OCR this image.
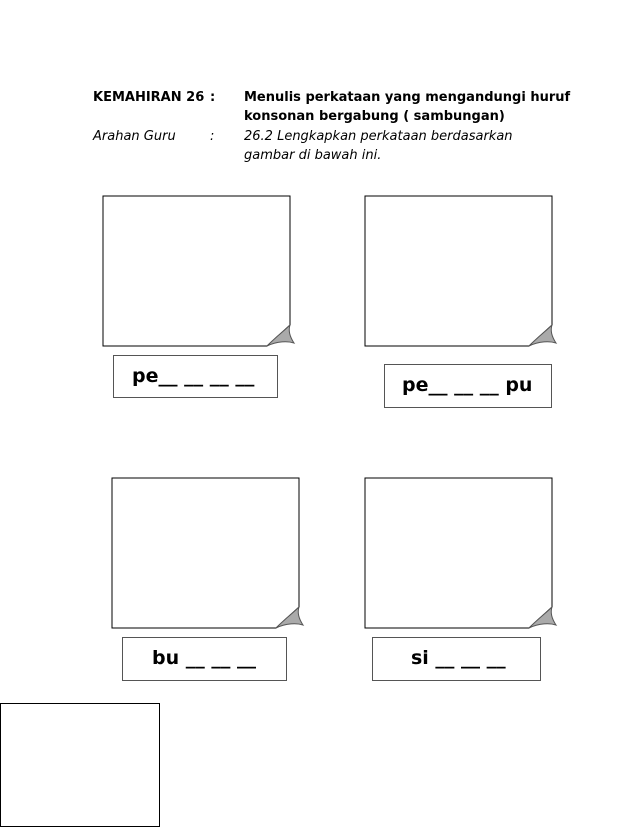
KEMAHIRAN 26 : Menulis perkataan yang mengandungi huruf
konsonan bergabung ( sambungan)
Arahan Guru	: 26.2 Lengkapkan perkataan berdasarkan
gambar di bawah ini.

pe__ __ __ __

	pe__ __ __ pu

bu __ __ __

	si __ __ __
